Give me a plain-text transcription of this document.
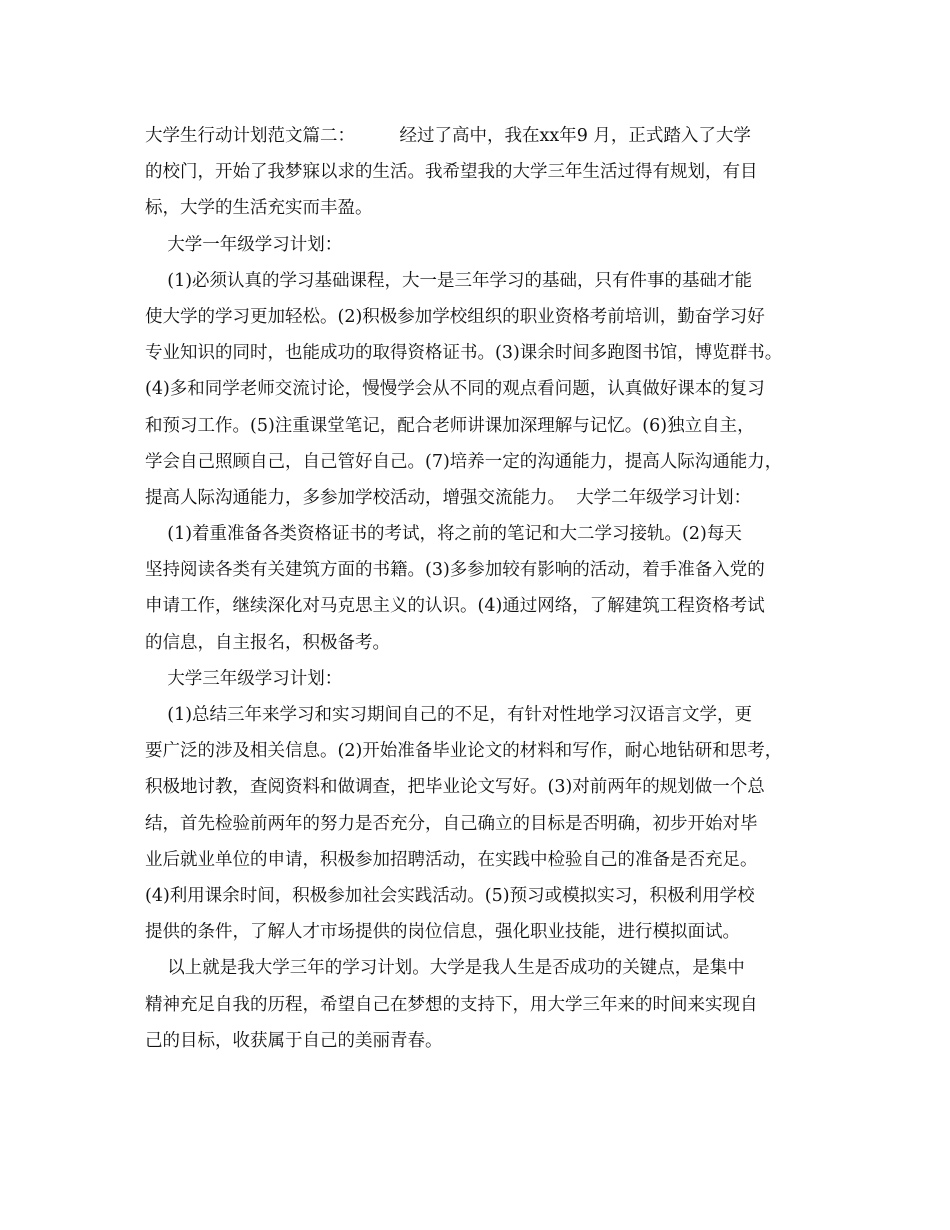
大学生行动计划范文篇二：        经过了高中，我在xx年9 月，正式踏入了大学
的校门，开始了我梦寐以求的生活。我希望我的大学三年生活过得有规划，有目
标，大学的生活充实而丰盈。
大学一年级学习计划：
(1)必须认真的学习基础课程，大一是三年学习的基础，只有件事的基础才能
使大学的学习更加轻松。(2)积极参加学校组织的职业资格考前培训，勤奋学习好
专业知识的同时，也能成功的取得资格证书。(3)课余时间多跑图书馆，博览群书。
(4)多和同学老师交流讨论，慢慢学会从不同的观点看问题，认真做好课本的复习
和预习工作。(5)注重课堂笔记，配合老师讲课加深理解与记忆。(6)独立自主，
学会自己照顾自己，自己管好自己。(7)培养一定的沟通能力，提高人际沟通能力，
提高人际沟通能力，多参加学校活动，增强交流能力。  大学二年级学习计划：
(1)着重准备各类资格证书的考试，将之前的笔记和大二学习接轨。(2)每天
坚持阅读各类有关建筑方面的书籍。(3)多参加较有影响的活动，着手准备入党的
申请工作，继续深化对马克思主义的认识。(4)通过网络，了解建筑工程资格考试
的信息，自主报名，积极备考。
大学三年级学习计划：
(1)总结三年来学习和实习期间自己的不足，有针对性地学习汉语言文学，更
要广泛的涉及相关信息。(2)开始准备毕业论文的材料和写作，耐心地钻研和思考，
积极地讨教，查阅资料和做调查，把毕业论文写好。(3)对前两年的规划做一个总
结，首先检验前两年的努力是否充分，自己确立的目标是否明确，初步开始对毕
业后就业单位的申请，积极参加招聘活动，在实践中检验自己的准备是否充足。
(4)利用课余时间，积极参加社会实践活动。(5)预习或模拟实习，积极利用学校
提供的条件，了解人才市场提供的岗位信息，强化职业技能，进行模拟面试。
以上就是我大学三年的学习计划。大学是我人生是否成功的关键点，是集中
精神充足自我的历程，希望自己在梦想的支持下，用大学三年来的时间来实现自
己的目标，收获属于自己的美丽青春。
